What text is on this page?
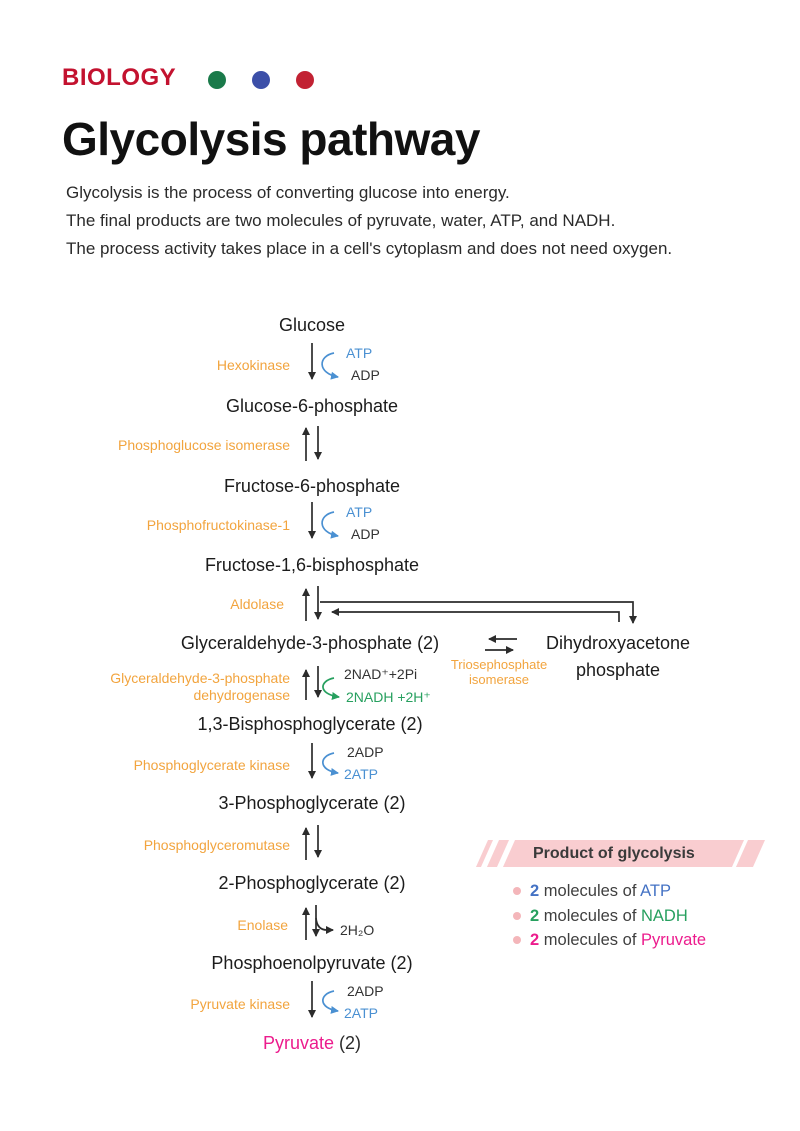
BIOLOGY
Glycolysis pathway
Glycolysis is the process of converting glucose into energy.
The final products are two molecules of pyruvate, water, ATP, and NADH.
The process activity takes place in a cell's cytoplasm and does not need oxygen.
Glucose
Glucose-6-phosphate
Fructose-6-phosphate
Fructose-1,6-bisphosphate
Glyceraldehyde-3-phosphate (2)	Dihydroxyacetone
phosphate
1,3-Bisphosphoglycerate (2)
3-Phosphoglycerate (2)
2-Phosphoglycerate (2)
Phosphoenolpyruvate (2)
Pyruvate (2)
Hexokinase
Phosphoglucose isomerase
Phosphofructokinase-1
Aldolase
Triosephosphate
isomerase
Glyceraldehyde-3-phosphate
dehydrogenase
Phosphoglycerate kinase
Phosphoglyceromutase
Enolase
Pyruvate kinase
ATP
ADP
ATP
ADP
2NAD⁺+2Pi
2NADH +2H⁺
2ADP
2ATP
2H₂O
2ADP
2ATP
Product of glycolysis
2 molecules of ATP
2 molecules of NADH
2 molecules of Pyruvate
